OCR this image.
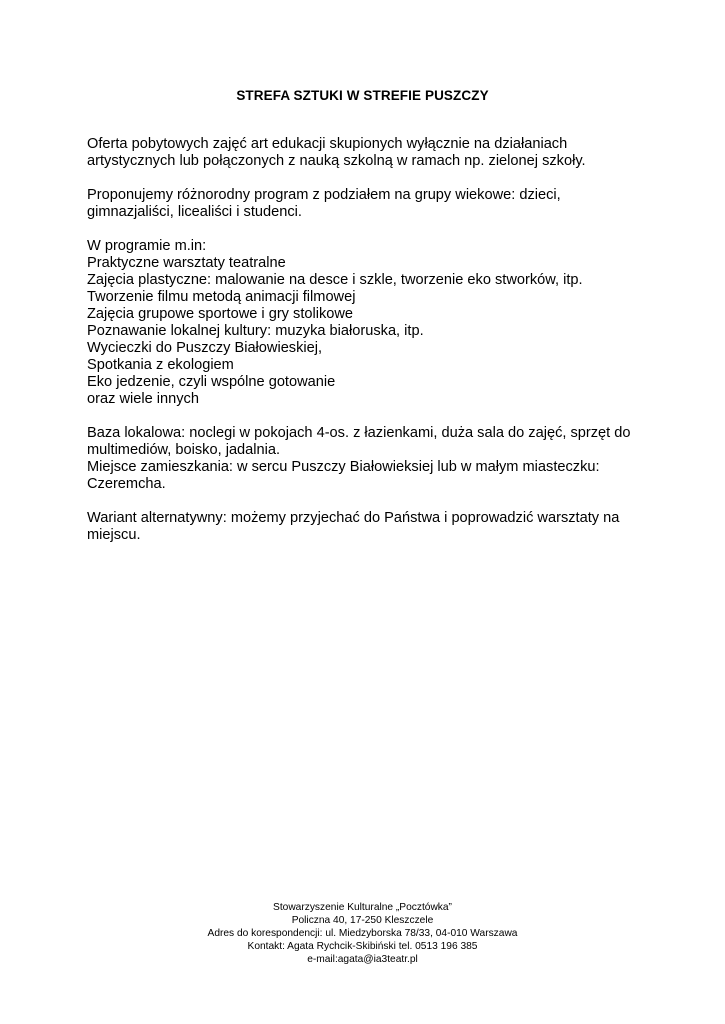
STREFA SZTUKI W STREFIE PUSZCZY

Oferta pobytowych zajęć art edukacji skupionych wyłącznie na działaniach
artystycznych lub połączonych z nauką szkolną w ramach np. zielonej szkoły.

Proponujemy różnorodny program z podziałem na grupy wiekowe: dzieci,
gimnazjaliści, licealiści i studenci.

W programie m.in:

Praktyczne warsztaty teatralne

Zajęcia plastyczne: malowanie na desce i szkle, tworzenie eko stworków, itp.

Tworzenie filmu metodą animacji filmowej

Zajęcia grupowe sportowe i gry stolikowe

Poznawanie lokalnej kultury: muzyka białoruska, itp.

Wycieczki do Puszczy Białowieskiej,

Spotkania z ekologiem

Eko jedzenie, czyli wspólne gotowanie

oraz wiele innych

Baza lokalowa: noclegi w pokojach 4-os. z łazienkami, duża sala do zajęć, sprzęt do
multimediów, boisko, jadalnia.

Miejsce zamieszkania: w sercu Puszczy Białowieksiej lub w małym miasteczku:
Czeremcha.

Wariant alternatywny: możemy przyjechać do Państwa i poprowadzić warsztaty na
miejscu.

Stowarzyszenie Kulturalne „Pocztówka”
Policzna 40, 17-250 Kleszczele
Adres do korespondencji: ul. Miedzyborska 78/33, 04-010 Warszawa
Kontakt: Agata Rychcik-Skibiński tel. 0513 196 385
e-mail:agata@ia3teatr.pl
